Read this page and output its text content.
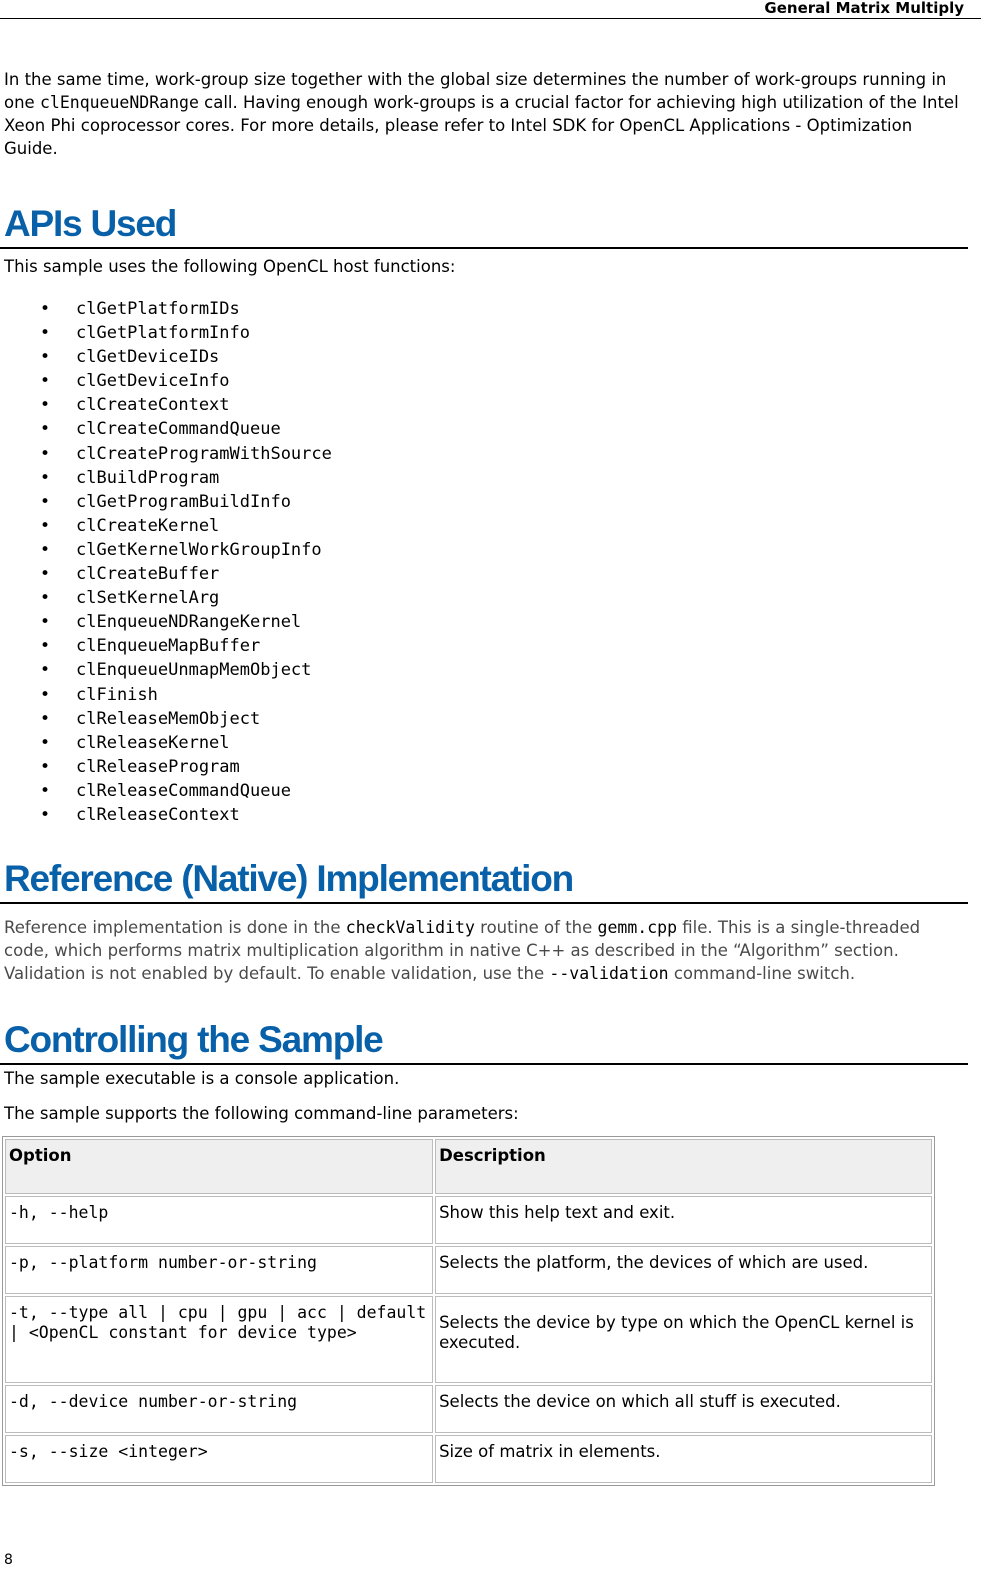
General Matrix Multiply

In the same time, work-group size together with the global size determines the number of work-groups running in one clEnqueueNDRange call. Having enough work-groups is a crucial factor for achieving high utilization of the Intel Xeon Phi coprocessor cores. For more details, please refer to Intel SDK for OpenCL Applications - Optimization Guide.

APIs Used

This sample uses the following OpenCL host functions:

• clGetPlatformIDs
• clGetPlatformInfo
• clGetDeviceIDs
• clGetDeviceInfo
• clCreateContext
• clCreateCommandQueue
• clCreateProgramWithSource
• clBuildProgram
• clGetProgramBuildInfo
• clCreateKernel
• clGetKernelWorkGroupInfo
• clCreateBuffer
• clSetKernelArg
• clEnqueueNDRangeKernel
• clEnqueueMapBuffer
• clEnqueueUnmapMemObject
• clFinish
• clReleaseMemObject
• clReleaseKernel
• clReleaseProgram
• clReleaseCommandQueue
• clReleaseContext
Reference (Native) Implementation

Reference implementation is done in the checkValidity routine of the gemm.cpp file. This is a single-threaded code, which performs matrix multiplication algorithm in native C++ as described in the “Algorithm” section. Validation is not enabled by default. To enable validation, use the --validation command-line switch.

Controlling the Sample

The sample executable is a console application.

The sample supports the following command-line parameters:

Option	Description
-h, --help	Show this help text and exit.
-p, --platform number-or-string	Selects the platform, the devices of which are used.
-t, --type all | cpu | gpu | acc | default | <OpenCL constant for device type>	Selects the device by type on which the OpenCL kernel is executed.
-d, --device number-or-string	Selects the device on which all stuff is executed.
-s, --size <integer>	Size of matrix in elements.
8
